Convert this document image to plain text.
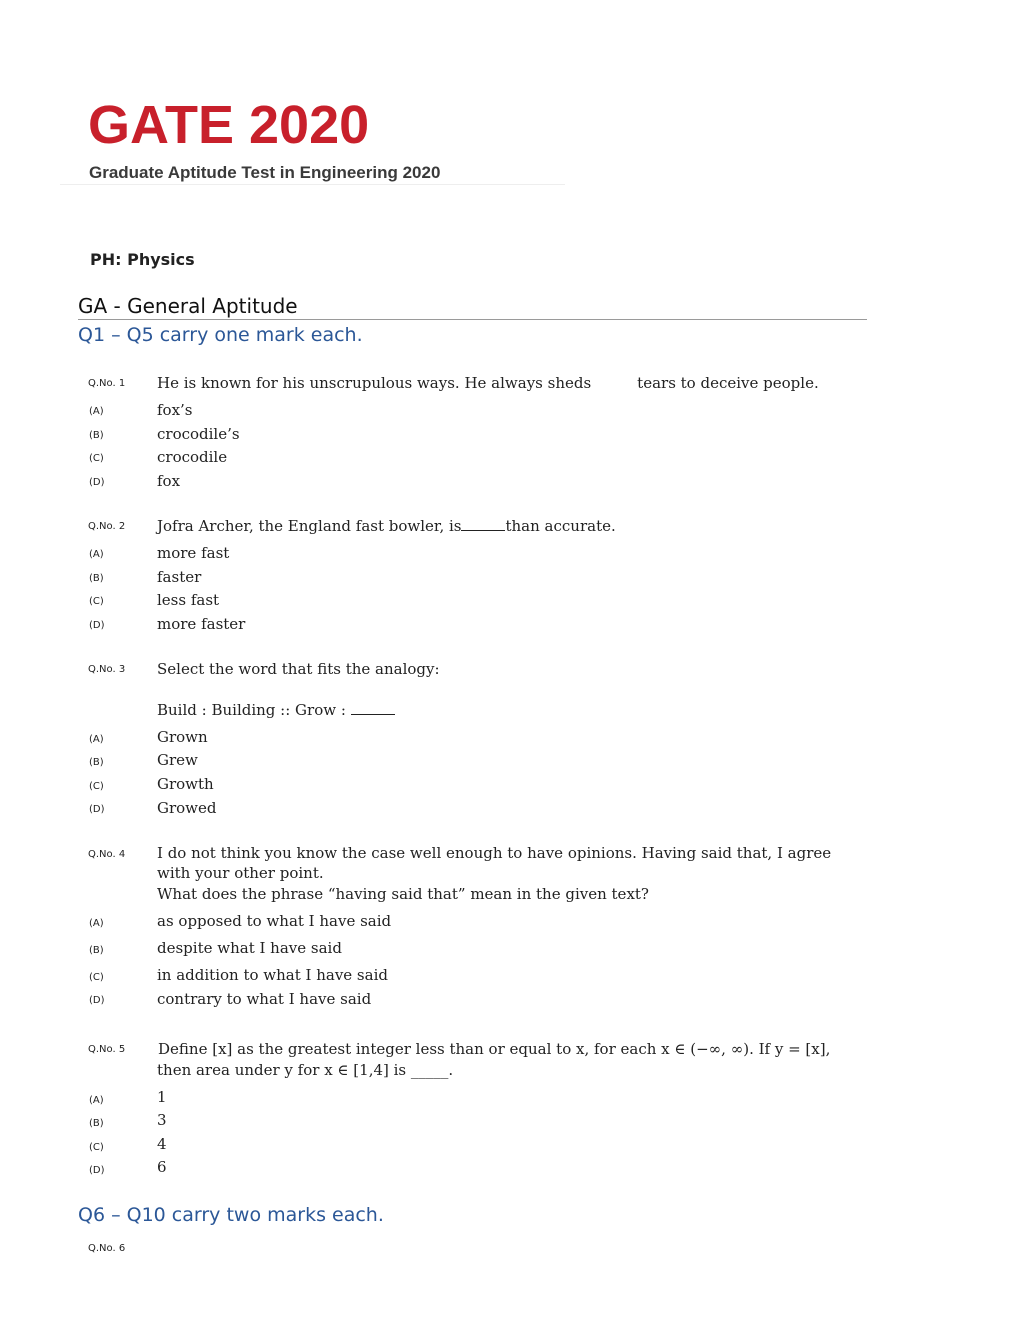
GATE 2020
Graduate Aptitude Test in Engineering 2020
PH: Physics
GA - General Aptitude
Q1 – Q5 carry one mark each.
Q.No. 1 He is known for his unscrupulous ways. He always sheds	tears to deceive people.
(A)	fox’s
(B)	crocodile’s
(C)	crocodile
(D)	fox
Q.No. 2 Jofra Archer, the England fast bowler, is	than accurate.
(A)	more fast
(B)	faster
(C)	less fast
(D)	more faster
Q.No. 3 Select the word that fits the analogy:
Build : Building :: Grow :
(A)	Grown
(B)	Grew
(C)	Growth
(D)	Growed
Q.No. 4 I do not think you know the case well enough to have opinions. Having said that, I agree
with your other point.
What does the phrase “having said that” mean in the given text?
(A)	as opposed to what I have said
(B)	despite what I have said
(C)	in addition to what I have said
(D)	contrary to what I have said
Q.No. 5 Define [x] as the greatest integer less than or equal to x, for each x ∈ (−∞, ∞). If y = [x],
then area under y for x ∈ [1,4] is _____.
(A)	1
(B)	3
(C)	4
(D)	6
Q6 – Q10 carry two marks each.
Q.No. 6
